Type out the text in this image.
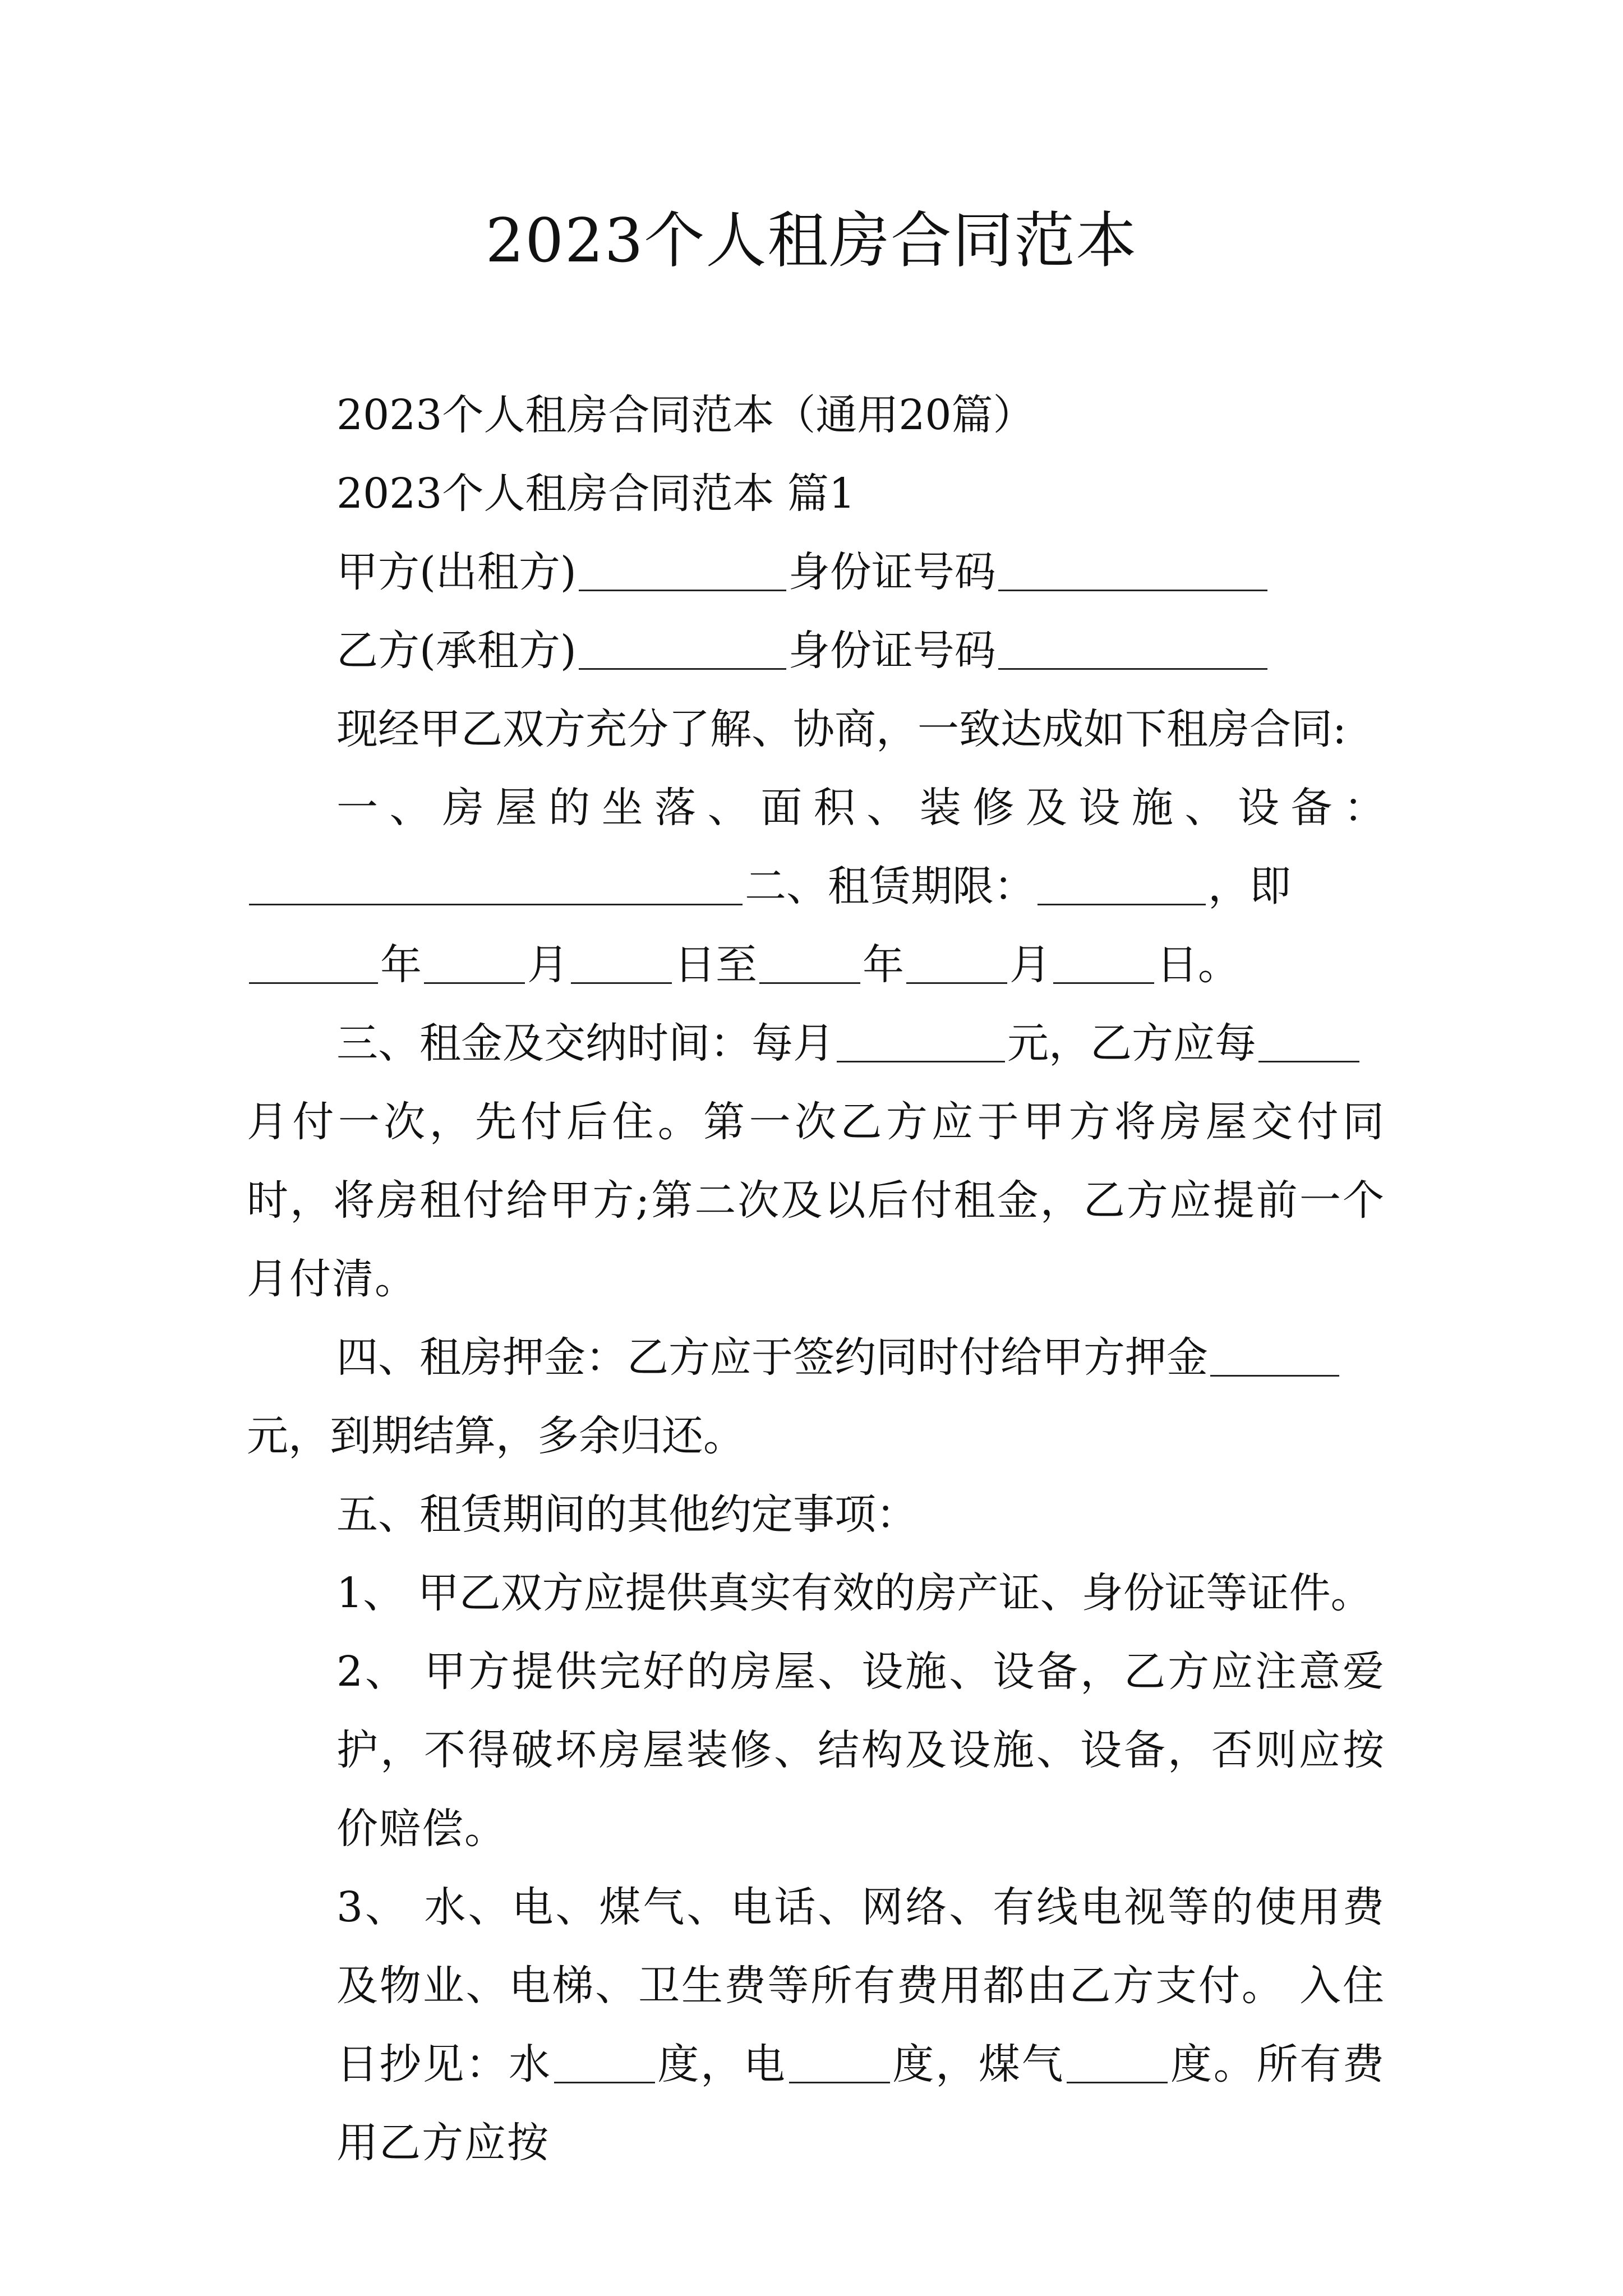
2023个人租房合同范本

2023个人租房合同范本（通用20篇）

2023个人租房合同范本 篇1

甲方(出租方)	身份证号码

乙方(承租方)	身份证号码

现经甲乙双方充分了解、协商，一致达成如下租房合同:

一、房屋的坐落、面积、装修及设施、设备：

二、租赁期限：	，即

年	月	日至	年	月	日。

三、租金及交纳时间：每月	元，乙方应每

月付一次，先付后住。第一次乙方应于甲方将房屋交付同时，将房租付给甲方;第二次及以后付租金，乙方应提前一个月付清。

四、租房押金：乙方应于签约同时付给甲方押金

元，到期结算，多余归还。

五、租赁期间的其他约定事项：

1、 甲乙双方应提供真实有效的房产证、身份证等证件。

2、 甲方提供完好的房屋、设施、设备，乙方应注意爱护，不得破坏房屋装修、结构及设施、设备，否则应按价赔偿。

3、 水、电、煤气、电话、网络、有线电视等的使用费及物业、电梯、卫生费等所有费用都由乙方支付。 入住日抄见：水	度，电	度，煤气	度。所有费用乙方应按
